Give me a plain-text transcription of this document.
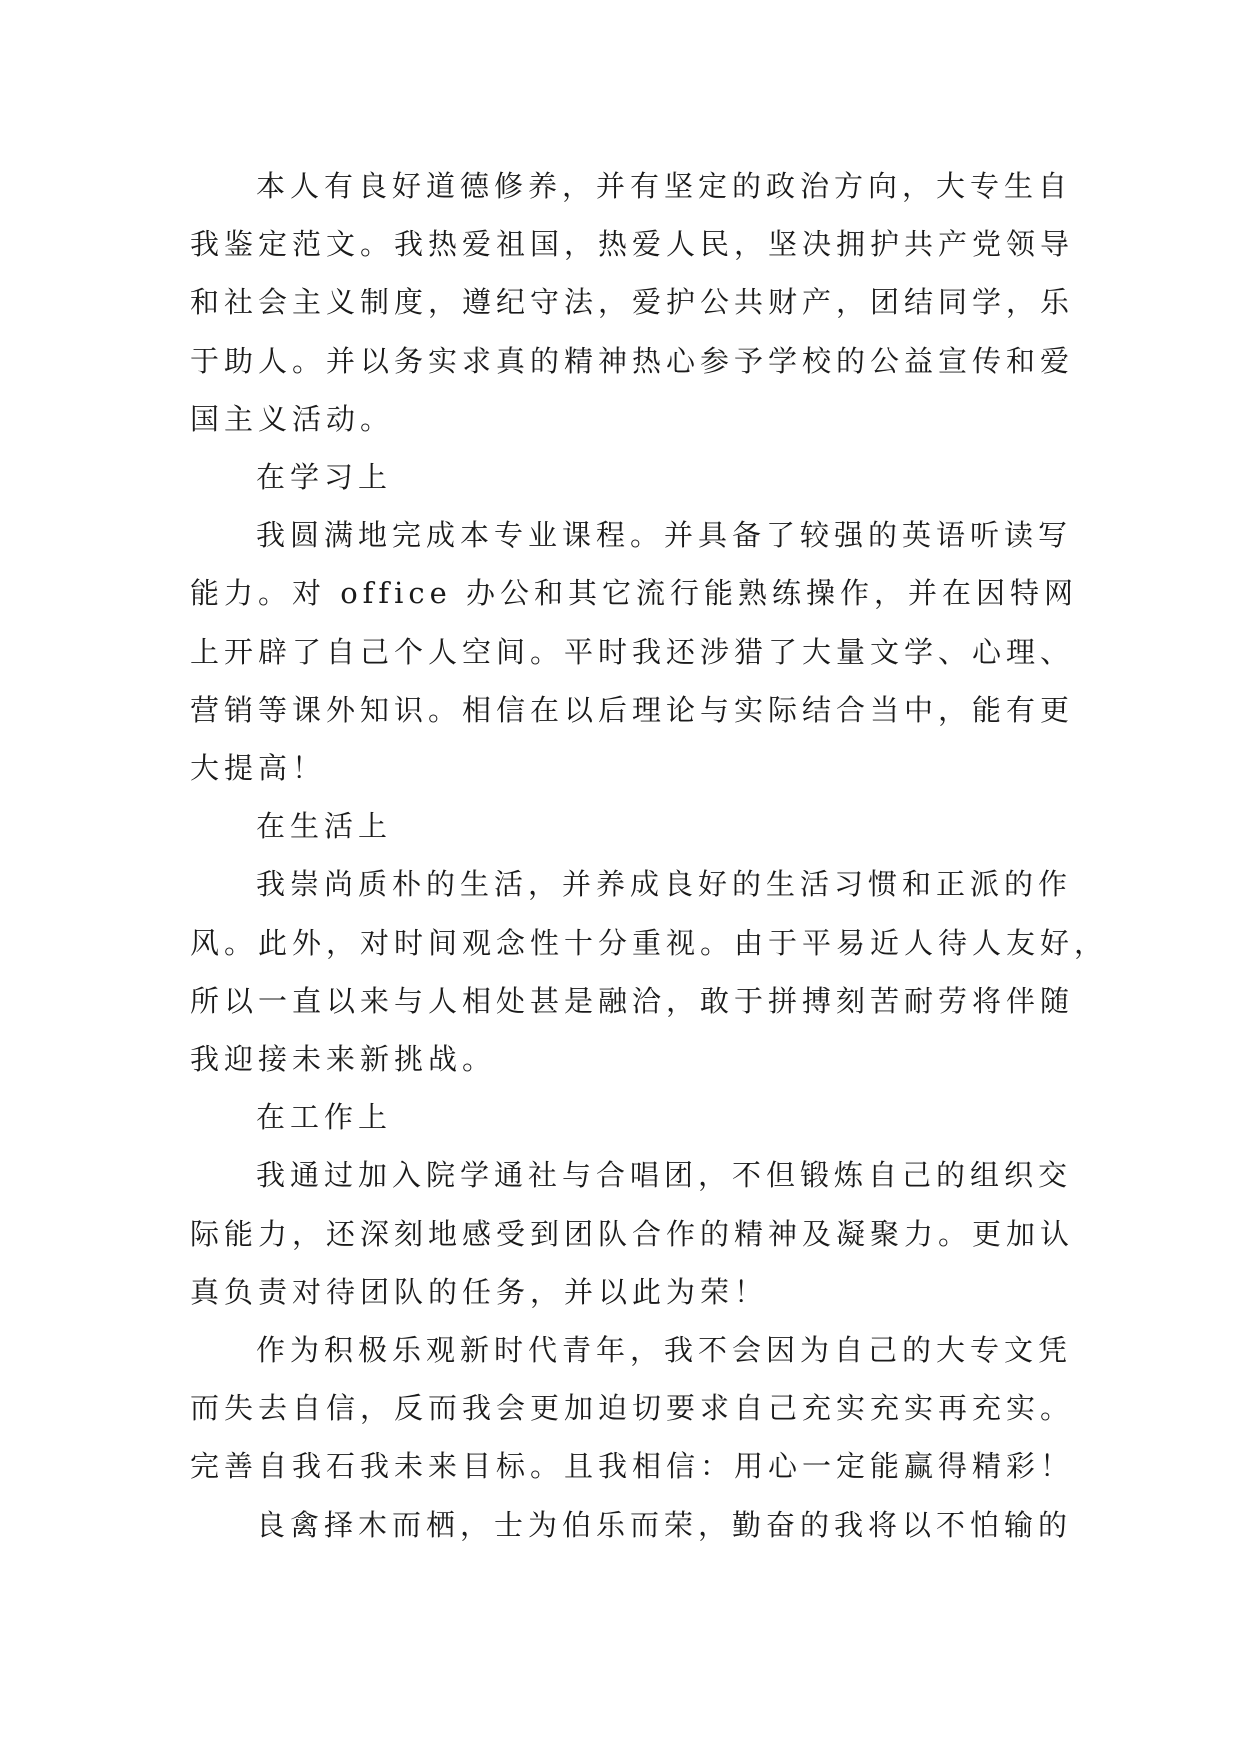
本人有良好道德修养，并有坚定的政治方向，大专生自
我鉴定范文。我热爱祖国，热爱人民，坚决拥护共产党领导
和社会主义制度，遵纪守法，爱护公共财产，团结同学，乐
于助人。并以务实求真的精神热心参予学校的公益宣传和爱
国主义活动。
在学习上
我圆满地完成本专业课程。并具备了较强的英语听读写
能力。对 office 办公和其它流行能熟练操作，并在因特网
上开辟了自己个人空间。平时我还涉猎了大量文学、心理、
营销等课外知识。相信在以后理论与实际结合当中，能有更
大提高！
在生活上
我崇尚质朴的生活，并养成良好的生活习惯和正派的作
风。此外，对时间观念性十分重视。由于平易近人待人友好，
所以一直以来与人相处甚是融洽，敢于拼搏刻苦耐劳将伴随
我迎接未来新挑战。
在工作上
我通过加入院学通社与合唱团，不但锻炼自己的组织交
际能力，还深刻地感受到团队合作的精神及凝聚力。更加认
真负责对待团队的任务，并以此为荣！
作为积极乐观新时代青年，我不会因为自己的大专文凭
而失去自信，反而我会更加迫切要求自己充实充实再充实。
完善自我石我未来目标。且我相信：用心一定能赢得精彩！
良禽择木而栖，士为伯乐而荣，勤奋的我将以不怕输的
